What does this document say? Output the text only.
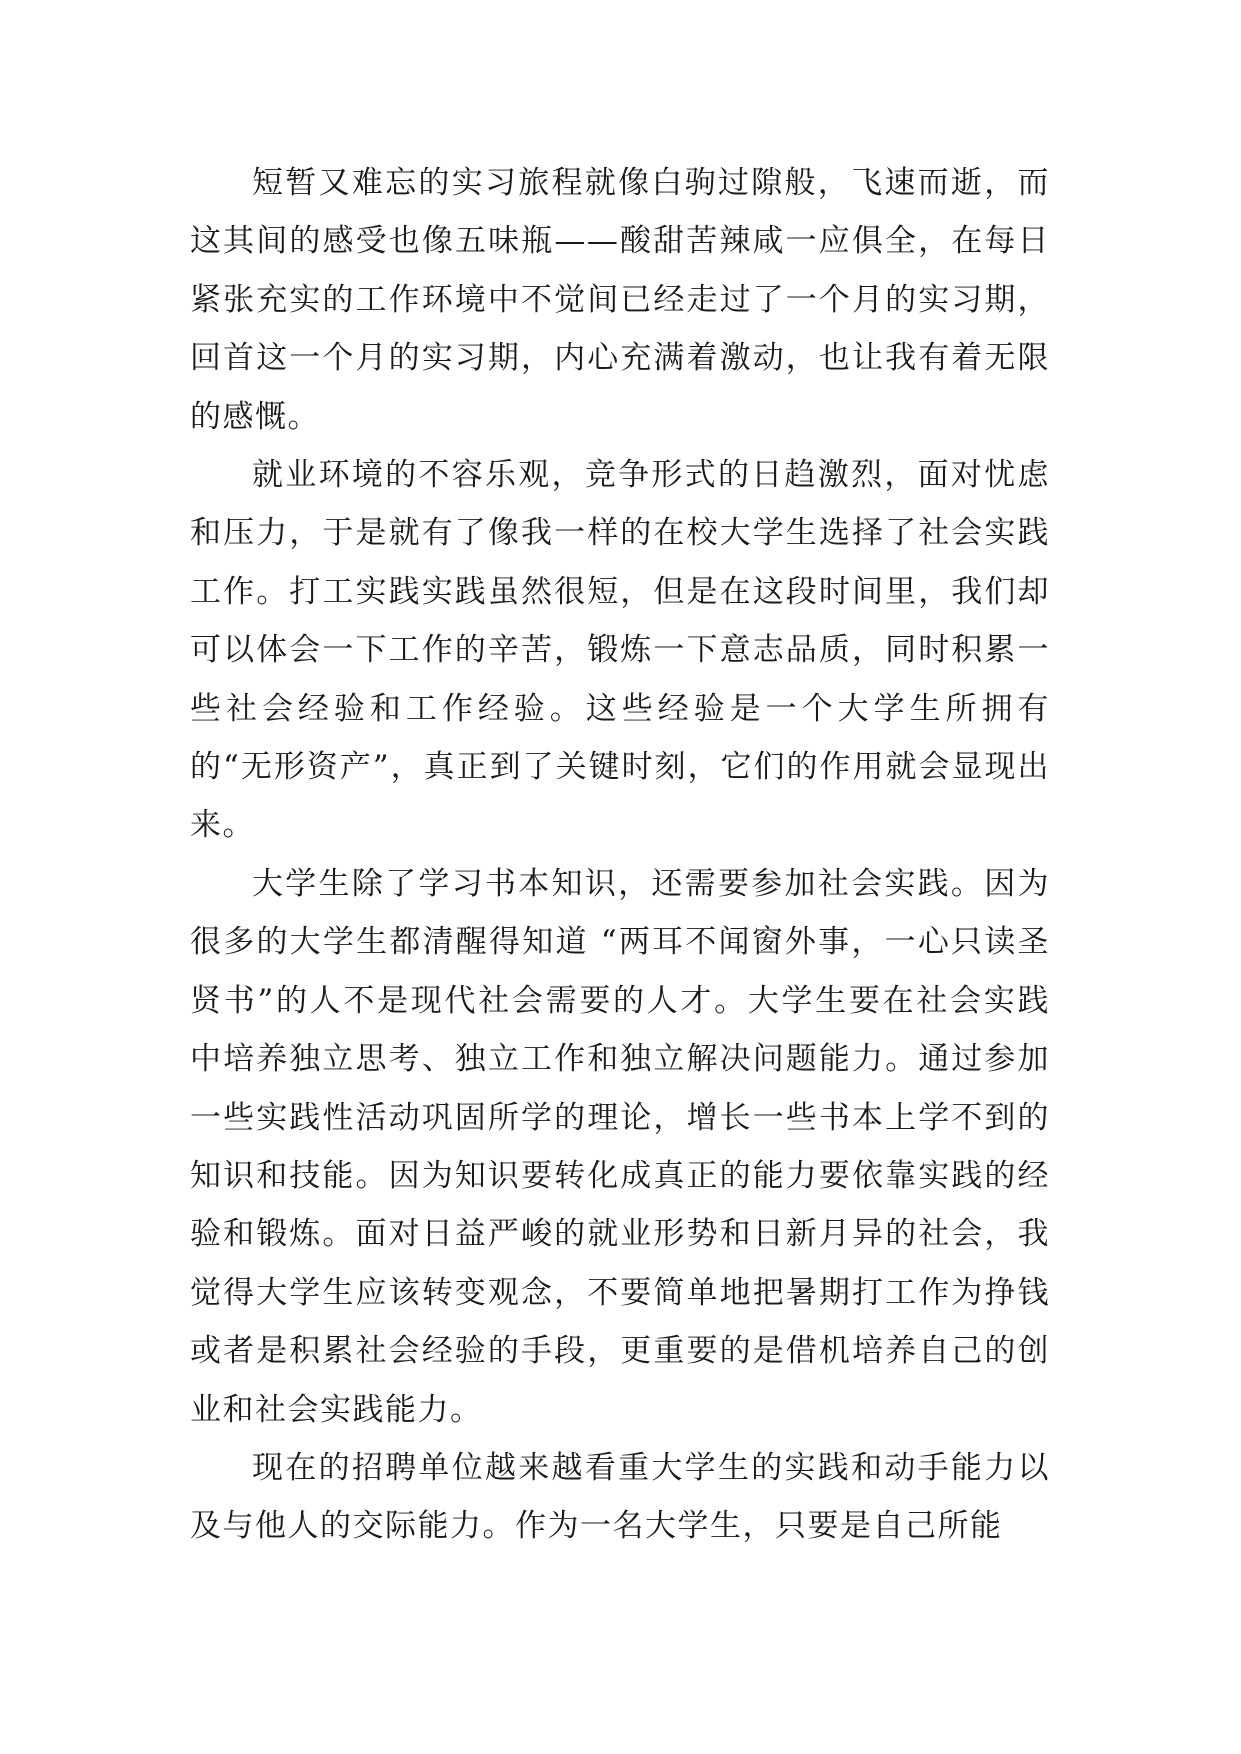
短暂又难忘的实习旅程就像白驹过隙般，飞速而逝，而这其间的感受也像五味瓶——酸甜苦辣咸一应俱全，在每日紧张充实的工作环境中不觉间已经走过了一个月的实习期，回首这一个月的实习期，内心充满着激动，也让我有着无限的感慨。

就业环境的不容乐观，竞争形式的日趋激烈，面对忧虑和压力，于是就有了像我一样的在校大学生选择了社会实践工作。打工实践实践虽然很短，但是在这段时间里，我们却可以体会一下工作的辛苦，锻炼一下意志品质，同时积累一些社会经验和工作经验。这些经验是一个大学生所拥有的“无形资产”，真正到了关键时刻，它们的作用就会显现出来。

大学生除了学习书本知识，还需要参加社会实践。因为很多的大学生都清醒得知道 “两耳不闻窗外事，一心只读圣贤书”的人不是现代社会需要的人才。大学生要在社会实践中培养独立思考、独立工作和独立解决问题能力。通过参加一些实践性活动巩固所学的理论，增长一些书本上学不到的知识和技能。因为知识要转化成真正的能力要依靠实践的经验和锻炼。面对日益严峻的就业形势和日新月异的社会，我觉得大学生应该转变观念，不要简单地把暑期打工作为挣钱或者是积累社会经验的手段，更重要的是借机培养自己的创业和社会实践能力。

现在的招聘单位越来越看重大学生的实践和动手能力以及与他人的交际能力。作为一名大学生，只要是自己所能
